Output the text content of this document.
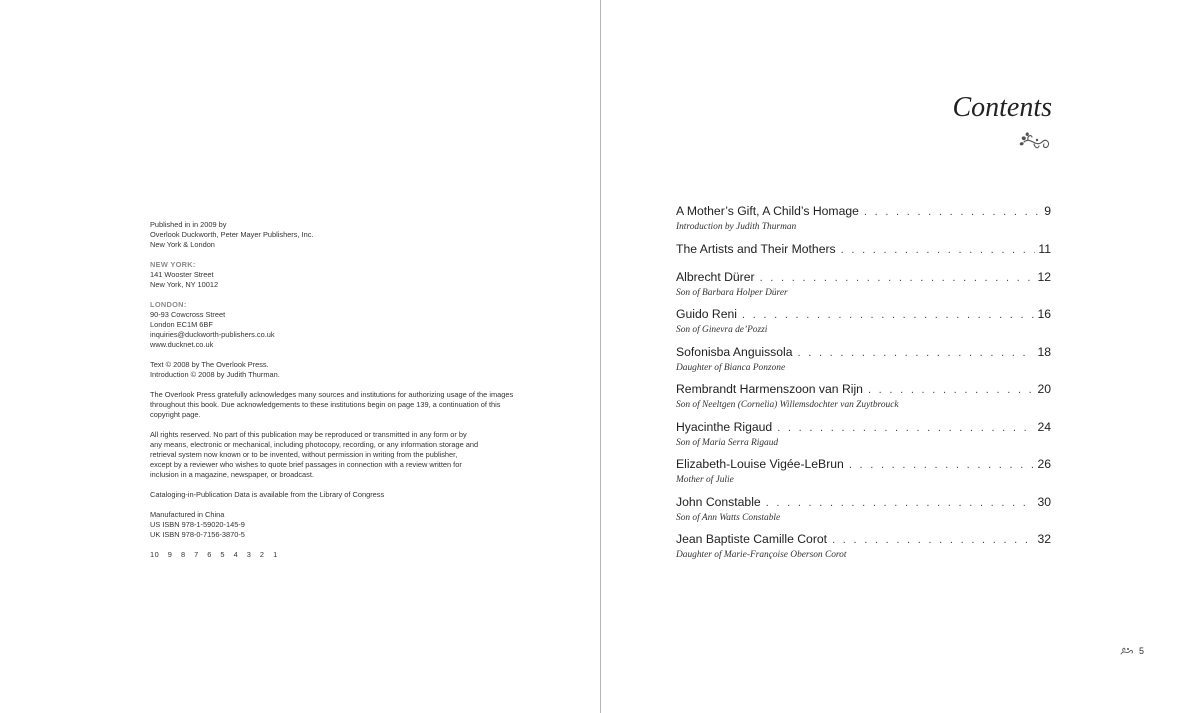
Published in in 2009 by
Overlook Duckworth, Peter Mayer Publishers, Inc.
New York & London
NEW YORK:
141 Wooster Street
New York, NY 10012
LONDON:
90-93 Cowcross Street
London EC1M 6BF
inquiries@duckworth-publishers.co.uk
www.ducknet.co.uk
Text © 2008 by The Overlook Press.
Introduction © 2008 by Judith Thurman.
The Overlook Press gratefully acknowledges many sources and institutions for authorizing usage of the images
throughout this book. Due acknowledgements to these institutions begin on page 139, a continuation of this
copyright page.
All rights reserved. No part of this publication may be reproduced or transmitted in any form or by
any means, electronic or mechanical, including photocopy, recording, or any information storage and
retrieval system now known or to be invented, without permission in writing from the publisher,
except by a reviewer who wishes to quote brief passages in connection with a review written for
inclusion in a magazine, newspaper, or broadcast.
Cataloging-in-Publication Data is available from the Library of Congress
Manufactured in China
US ISBN 978-1-59020-145-9
UK ISBN 978-0-7156-3870-5
10 9 8 7 6 5 4 3 2 1
Contents
A Mother’s Gift, A Child’s Homage . . .	9
Introduction by Judith Thurman
The Artists and Their Mothers . . .	11
Albrecht Dürer . . .	12
Son of Barbara Holper Dürer
Guido Reni . . .	16
Son of Ginevra de’Pozzi
Sofonisba Anguissola . . .	18
Daughter of Bianca Ponzone
Rembrandt Harmenszoon van Rijn . . .	20
Son of Neeltgen (Cornelia) Willemsdochter van Zuytbrouck
Hyacinthe Rigaud . . .	24
Son of Maria Serra Rigaud
Elizabeth-Louise Vigée-LeBrun . . .	26
Mother of Julie
John Constable . . .	30
Son of Ann Watts Constable
Jean Baptiste Camille Corot . . .	32
Daughter of Marie-Françoise Oberson Corot
5
